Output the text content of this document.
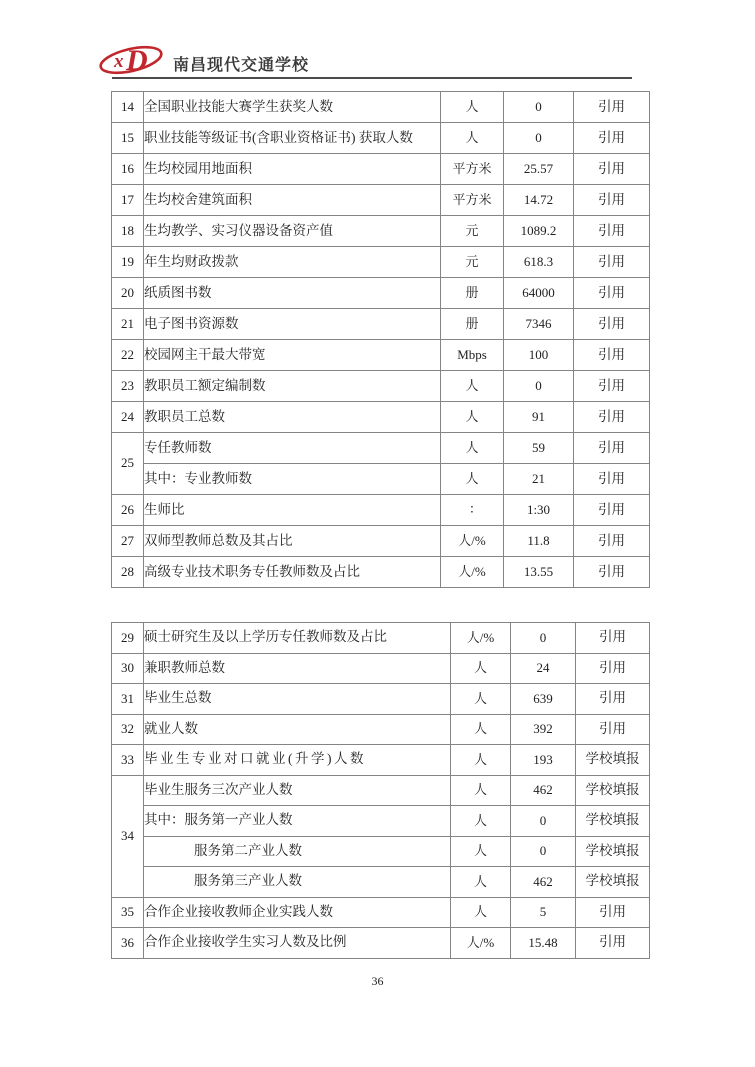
x D 南昌现代交通学校
14	全国职业技能大赛学生获奖人数	人	0	引用
15	职业技能等级证书(含职业资格证书) 获取人数	人	0	引用
16	生均校园用地面积	平方米	25.57	引用
17	生均校舍建筑面积	平方米	14.72	引用
18	生均教学、实习仪器设备资产值	元	1089.2	引用
19	年生均财政拨款	元	618.3	引用
20	纸质图书数	册	64000	引用
21	电子图书资源数	册	7346	引用
22	校园网主干最大带宽	Mbps	100	引用
23	教职员工额定编制数	人	0	引用
24	教职员工总数	人	91	引用
25	专任教师数	人	59	引用
	其中：专业教师数	人	21	引用
26	生师比	∶	1:30	引用
27	双师型教师总数及其占比	人/%	11.8	引用
28	高级专业技术职务专任教师数及占比	人/%	13.55	引用
29	硕士研究生及以上学历专任教师数及占比	人/%	0	引用
30	兼职教师总数	人	24	引用
31	毕业生总数	人	639	引用
32	就业人数	人	392	引用
33	毕业生专业对口就业(升学)人数	人	193	学校填报
34	毕业生服务三次产业人数	人	462	学校填报
	其中：服务第一产业人数	人	0	学校填报
	服务第二产业人数	人	0	学校填报
	服务第三产业人数	人	462	学校填报
35	合作企业接收教师企业实践人数	人	5	引用
36	合作企业接收学生实习人数及比例	人/%	15.48	引用
36
